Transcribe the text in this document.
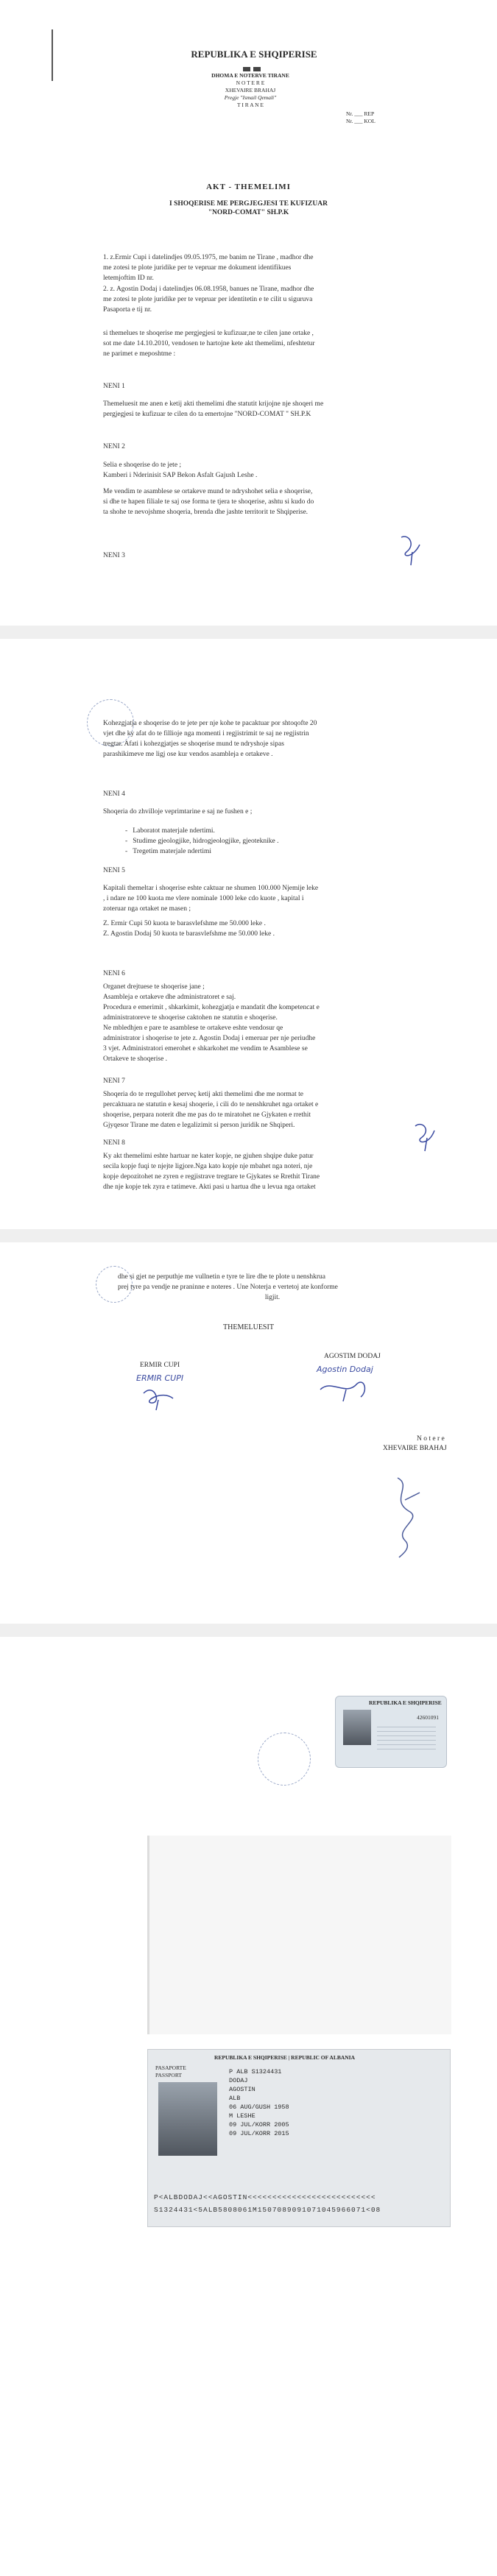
REPUBLIKA E SHQIPERISE
DHOMA E NOTERVE TIRANE
N O T E R E
XHEVAIRE BRAHAJ
Pregje "Ismail Qemali"
T I R A N E
Nr. ___ REP
Nr. ___ KOL
AKT - THEMELIMI
I SHOQERISE ME PERGJEGJESI TE KUFIZUAR
"NORD-COMAT" SH.P.K
1. z.Ermir Cupi i datelindjes 09.05.1975, me banim ne Tirane , madhor dhe
me zotesi te plote juridike per te vepruar me dokument identifikues
letemjoftim ID nr.
2. z. Agostin Dodaj i datelindjes 06.08.1958, banues ne Tirane, madhor dhe
me zotesi te plote juridike per te vepruar per identitetin e te cilit u siguruva
Pasaporta e tij nr.
si themelues te shoqerise me pergjegjesi te kufizuar,ne te cilen jane ortake ,
sot me date 14.10.2010, vendosen te hartojne kete akt themelimi, nfeshtetur
ne parimet e meposhtme :
NENI 1
Themeluesit me anen e ketij akti themelimi dhe statutit krijojne nje shoqeri me
pergjegjesi te kufizuar te cilen do ta emertojne "NORD-COMAT " SH.P.K
NENI 2
Selia e shoqerise do te jete ;
Kamberi i Nderinisit SAP Bekon Asfalt Gajush Leshe .
Me vendim te asamblese se ortakeve mund te ndryshohet selia e shoqerise,
si dhe te hapen filiale te saj ose forma te tjera te shoqerise, ashtu si kudo do
ta shohe te nevojshme shoqeria, brenda dhe jashte territorit te Shqiperise.
NENI 3
Kohezgjatja e shoqerise do te jete per nje kohe te pacaktuar por shtoqofte 20
vjet dhe ky afat do te fillioje nga momenti i regjistrimit te saj ne regjistrin
tregtar. Afati i kohezgjatjes se shoqerise mund te ndryshoje sipas
parashikimeve me ligj ose kur vendos asambleja e ortakeve .
NENI 4
Shoqeria do zhvilloje veprimtarine e saj ne fushen e ;
-   Laboratot materjale ndertimi.
-   Studime gjeologjike, hidrogjeologjike, gjeoteknike .
-   Tregetim materjale ndertimi
NENI 5
Kapitali themeltar i shoqerise eshte caktuar ne shumen 100.000 Njemije leke
, i ndare ne 100 kuota me vlere nominale 1000 leke cdo kuote , kapital i
zoteruar nga ortaket ne masen ;
Z. Ermir Cupi 50 kuota te barasvlefshme me 50.000 leke .
Z. Agostin Dodaj 50 kuota te barasvlefshme me 50.000 leke .
NENI 6
Organet drejtuese te shoqerise jane ;
Asambleja e ortakeve dhe administratoret e saj.
Procedura e emerimit , shkarkimit, kohezgjatja e mandatit dhe kompetencat e
administratoreve te shoqerise caktohen ne statutin e shoqerise.
Ne mbledhjen e pare te asamblese te ortakeve eshte vendosur qe
administrator i shoqerise te jete z. Agostin Dodaj i emeruar per nje periudhe
3 vjet. Administratori emerohet e shkarkohet me vendim te Asamblese se
Ortakeve te shoqerise .
NENI 7
Shoqeria do te rregullohet perveç ketij akti themelimi dhe me normat te
percaktuara ne statutin e kesaj shoqerie, i cili do te nenshkruhet nga ortaket e
shoqerise, perpara noterit dhe me pas do te miratohet ne Gjykaten e rrethit
Gjyqesor Tirane me daten e legalizimit si person juridik ne Shqiperi.
NENI 8
Ky akt themelimi eshte hartuar ne kater kopje, ne gjuhen shqipe duke patur
secila kopje fuqi te njejte ligjore.Nga kato kopje nje mbahet nga noteri, nje
kopje depozitohet ne zyren e regjistrave tregtare te Gjykates se Rrethit Tirane
dhe nje kopje tek zyra e tatimeve. Akti pasi u hartua dhe u levua nga ortaket
dhe si gjet ne perputhje me vullnetin e tyre te lire dhe te plote u nenshkrua
prej tyre pa vendje ne praninne e noteres . Une Noterja e vertetoj ate konforme
ligjit.
THEMELUESIT
ERMIR CUPI
ERMIR CUPI
AGOSTIM DODAJ
Agostin Dodaj
N o t e r e
XHEVAIRE BRAHAJ
REPUBLIKA E SHQIPERISE
42601091
REPUBLIKA E SHQIPERISE | REPUBLIC OF ALBANIA
PASAPORTE
PASSPORT	P ALB S1324431
DODAJ
AGOSTIN
ALB
06 AUG/GUSH 1958
M LESHE
09 JUL/KORR 2005
09 JUL/KORR 2015
P<ALBDODAJ<<AGOSTIN<<<<<<<<<<<<<<<<<<<<<<<<<<
S1324431<5ALB5808061M1507089091071045966071<08
